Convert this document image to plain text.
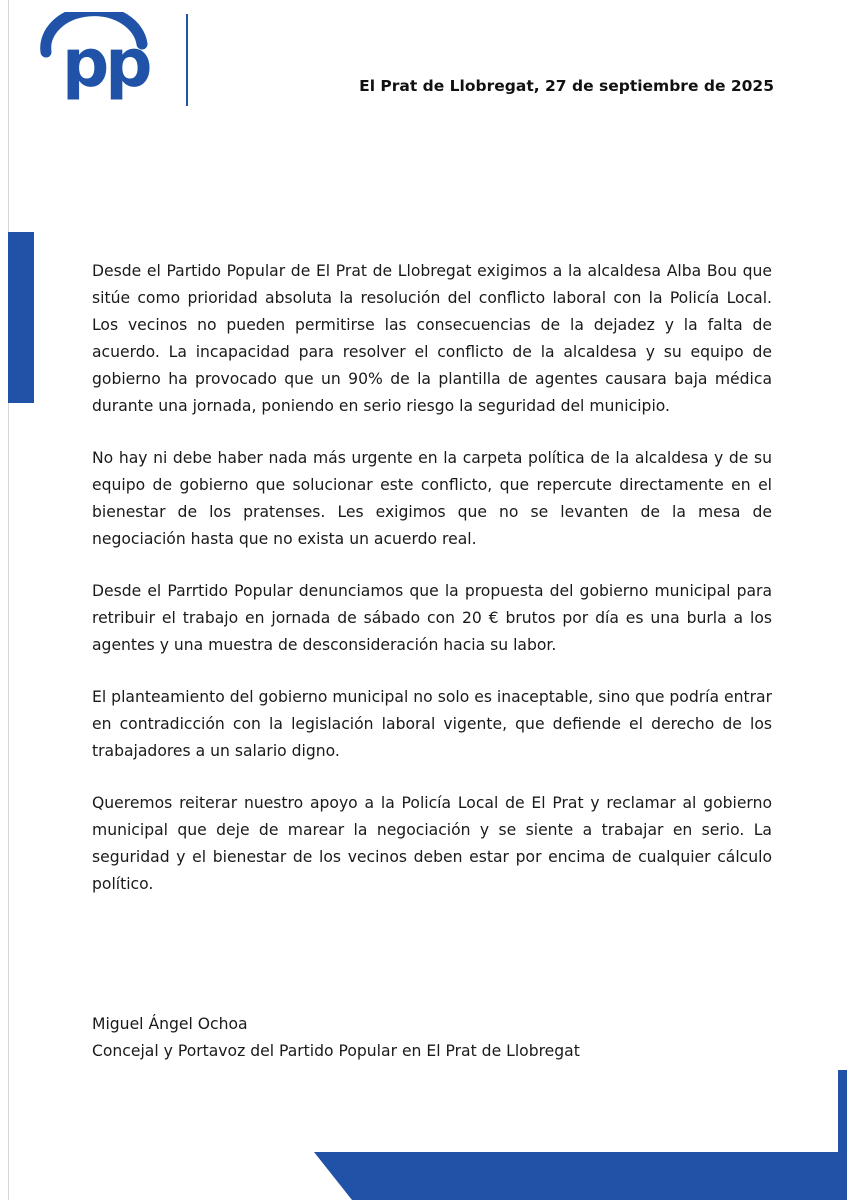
pp	El Prat de Llobregat, 27 de septiembre de 2025

Desde el Partido Popular de El Prat de Llobregat exigimos a la alcaldesa Alba Bou que sitúe como prioridad absoluta la resolución del conflicto laboral con la Policía Local. Los vecinos no pueden permitirse las consecuencias de la dejadez y la falta de acuerdo. La incapacidad para resolver el conflicto de la alcaldesa y su equipo de gobierno ha provocado que un 90% de la plantilla de agentes causara baja médica durante una jornada, poniendo en serio riesgo la seguridad del municipio.

No hay ni debe haber nada más urgente en la carpeta política de la alcaldesa y de su equipo de gobierno que solucionar este conflicto, que repercute directamente en el bienestar de los pratenses. Les exigimos que no se levanten de la mesa de negociación hasta que no exista un acuerdo real.

Desde el Parrtido Popular denunciamos que la propuesta del gobierno municipal para retribuir el trabajo en jornada de sábado con 20 € brutos por día es una burla a los agentes y una muestra de desconsideración hacia su labor.

El planteamiento del gobierno municipal no solo es inaceptable, sino que podría entrar en contradicción con la legislación laboral vigente, que defiende el derecho de los trabajadores a un salario digno.

Queremos reiterar nuestro apoyo a la Policía Local de El Prat y reclamar al gobierno municipal que deje de marear la negociación y se siente a trabajar en serio. La seguridad y el bienestar de los vecinos deben estar por encima de cualquier cálculo político.

Miguel Ángel Ochoa
Concejal y Portavoz del Partido Popular en El Prat de Llobregat
